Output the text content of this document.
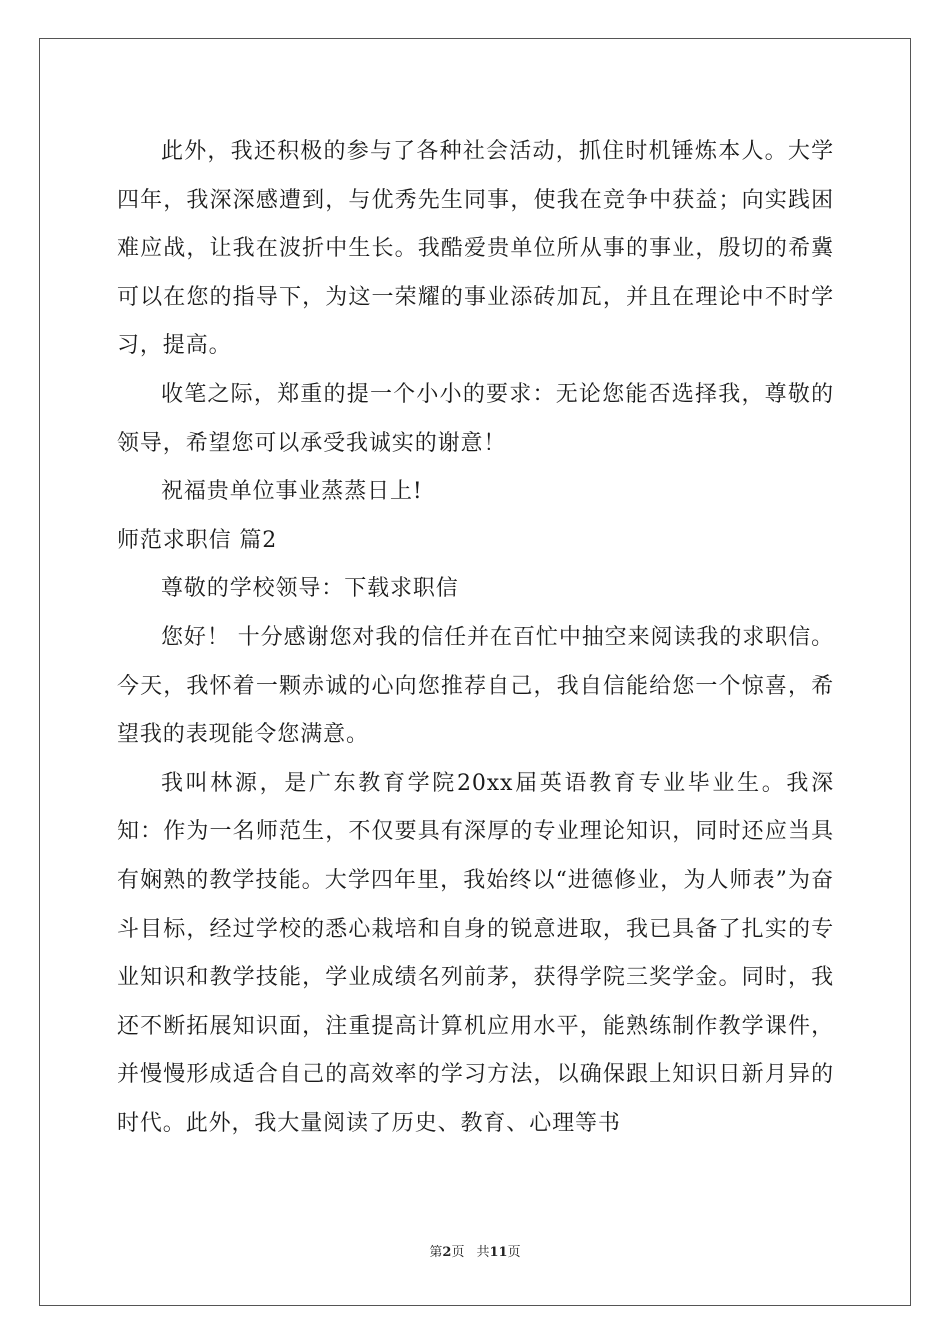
此外，我还积极的参与了各种社会活动，抓住时机锤炼本人。大学四年，我深深感遭到，与优秀先生同事，使我在竞争中获益；向实践困难应战，让我在波折中生长。我酷爱贵单位所从事的事业，殷切的希冀可以在您的指导下，为这一荣耀的事业添砖加瓦，并且在理论中不时学习，提高。

收笔之际，郑重的提一个小小的要求：无论您能否选择我，尊敬的领导，希望您可以承受我诚实的谢意！

祝福贵单位事业蒸蒸日上!

师范求职信 篇2

尊敬的学校领导：下载求职信

您好！ 十分感谢您对我的信任并在百忙中抽空来阅读我的求职信。今天，我怀着一颗赤诚的心向您推荐自己，我自信能给您一个惊喜，希望我的表现能令您满意。

我叫林源，是广东教育学院20xx届英语教育专业毕业生。我深知：作为一名师范生，不仅要具有深厚的专业理论知识，同时还应当具有娴熟的教学技能。大学四年里，我始终以“进德修业，为人师表”为奋斗目标，经过学校的悉心栽培和自身的锐意进取，我已具备了扎实的专业知识和教学技能，学业成绩名列前茅，获得学院三奖学金。同时，我还不断拓展知识面，注重提高计算机应用水平，能熟练制作教学课件，并慢慢形成适合自己的高效率的学习方法，以确保跟上知识日新月异的时代。此外，我大量阅读了历史、教育、心理等书

第2页 共11页
